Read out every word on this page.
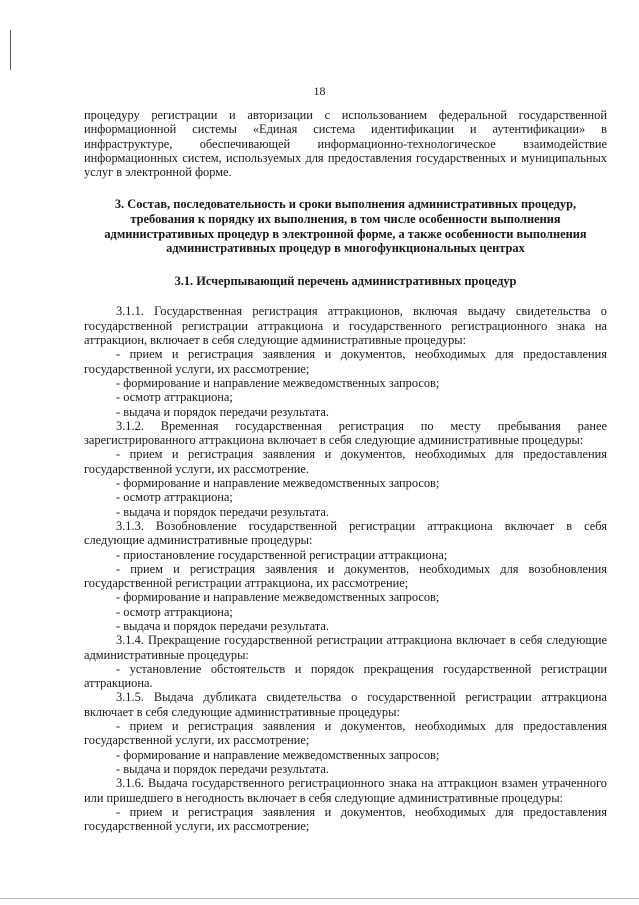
18

процедуру регистрации и авторизации с использованием федеральной государственной информационной системы «Единая система идентификации и аутентификации» в инфраструктуре, обеспечивающей информационно-технологическое взаимодействие информационных систем, используемых для предоставления государственных и муниципальных услуг в электронной форме.

3. Состав, последовательность и сроки выполнения административных процедур, требования к порядку их выполнения, в том числе особенности выполнения административных процедур в электронной форме, а также особенности выполнения административных процедур в многофункциональных центрах
3.1. Исчерпывающий перечень административных процедур

3.1.1. Государственная регистрация аттракционов, включая выдачу свидетельства о государственной регистрации аттракциона и государственного регистрационного знака на аттракцион, включает в себя следующие административные процедуры:

- прием и регистрация заявления и документов, необходимых для предоставления государственной услуги, их рассмотрение;

- формирование и направление межведомственных запросов;

- осмотр аттракциона;

- выдача и порядок передачи результата.

3.1.2. Временная государственная регистрация по месту пребывания ранее зарегистрированного аттракциона включает в себя следующие административные процедуры:

- прием и регистрация заявления и документов, необходимых для предоставления государственной услуги, их рассмотрение.

- формирование и направление межведомственных запросов;

- осмотр аттракциона;

- выдача и порядок передачи результата.

3.1.3. Возобновление государственной регистрации аттракциона включает в себя следующие административные процедуры:

- приостановление государственной регистрации аттракциона;

- прием и регистрация заявления и документов, необходимых для возобновления государственной регистрации аттракциона, их рассмотрение;

- формирование и направление межведомственных запросов;

- осмотр аттракциона;

- выдача и порядок передачи результата.

3.1.4. Прекращение государственной регистрации аттракциона включает в себя следующие административные процедуры:

- установление обстоятельств и порядок прекращения государственной регистрации аттракциона.

3.1.5. Выдача дубликата свидетельства о государственной регистрации аттракциона включает в себя следующие административные процедуры:

- прием и регистрация заявления и документов, необходимых для предоставления государственной услуги, их рассмотрение;

- формирование и направление межведомственных запросов;

- выдача и порядок передачи результата.

3.1.6. Выдача государственного регистрационного знака на аттракцион взамен утраченного или пришедшего в негодность включает в себя следующие административные процедуры:

- прием и регистрация заявления и документов, необходимых для предоставления государственной услуги, их рассмотрение;
